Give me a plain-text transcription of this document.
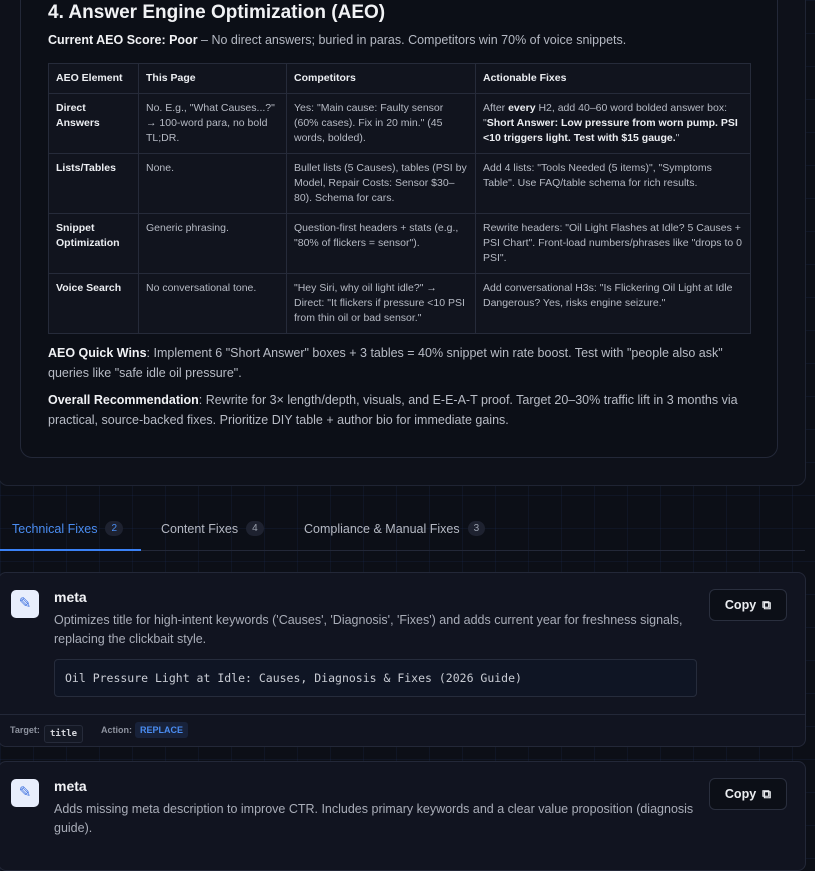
4. Answer Engine Optimization (AEO)

Current AEO Score: Poor – No direct answers; buried in paras. Competitors win 70% of voice snippets.

AEO Element	This Page	Competitors	Actionable Fixes
Direct Answers	No. E.g., "What Causes...?" → 100-word para, no bold TL;DR.	Yes: "Main cause: Faulty sensor (60% cases). Fix in 20 min." (45 words, bolded).	After every H2, add 40–60 word bolded answer box: "Short Answer: Low pressure from worn pump. PSI <10 triggers light. Test with $15 gauge."
Lists/Tables	None.	Bullet lists (5 Causes), tables (PSI by Model, Repair Costs: Sensor $30–80). Schema for cars.	Add 4 lists: "Tools Needed (5 items)", "Symptoms Table". Use FAQ/table schema for rich results.
Snippet Optimization	Generic phrasing.	Question-first headers + stats (e.g., "80% of flickers = sensor").	Rewrite headers: "Oil Light Flashes at Idle? 5 Causes + PSI Chart". Front-load numbers/phrases like "drops to 0 PSI".
Voice Search	No conversational tone.	"Hey Siri, why oil light idle?" → Direct: "It flickers if pressure <10 PSI from thin oil or bad sensor."	Add conversational H3s: "Is Flickering Oil Light at Idle Dangerous? Yes, risks engine seizure."

AEO Quick Wins: Implement 6 "Short Answer" boxes + 3 tables = 40% snippet win rate boost. Test with "people also ask" queries like "safe idle oil pressure".

Overall Recommendation: Rewrite for 3× length/depth, visuals, and E-E-A-T proof. Target 20–30% traffic lift in 3 months via practical, source-backed fixes. Prioritize DIY table + author bio for immediate gains.

Technical Fixes	2	Content Fixes	4	Compliance & Manual Fixes	3
✎	meta
Optimizes title for high-intent keywords ('Causes', 'Diagnosis', 'Fixes') and adds current year for freshness signals, replacing the clickbait style.
Copy ⧉
Oil Pressure Light at Idle: Causes, Diagnosis & Fixes (2026 Guide)
Target:	title	Action: REPLACE
✎	meta
Adds missing meta description to improve CTR. Includes primary keywords and a clear value proposition (diagnosis guide).
Copy ⧉
